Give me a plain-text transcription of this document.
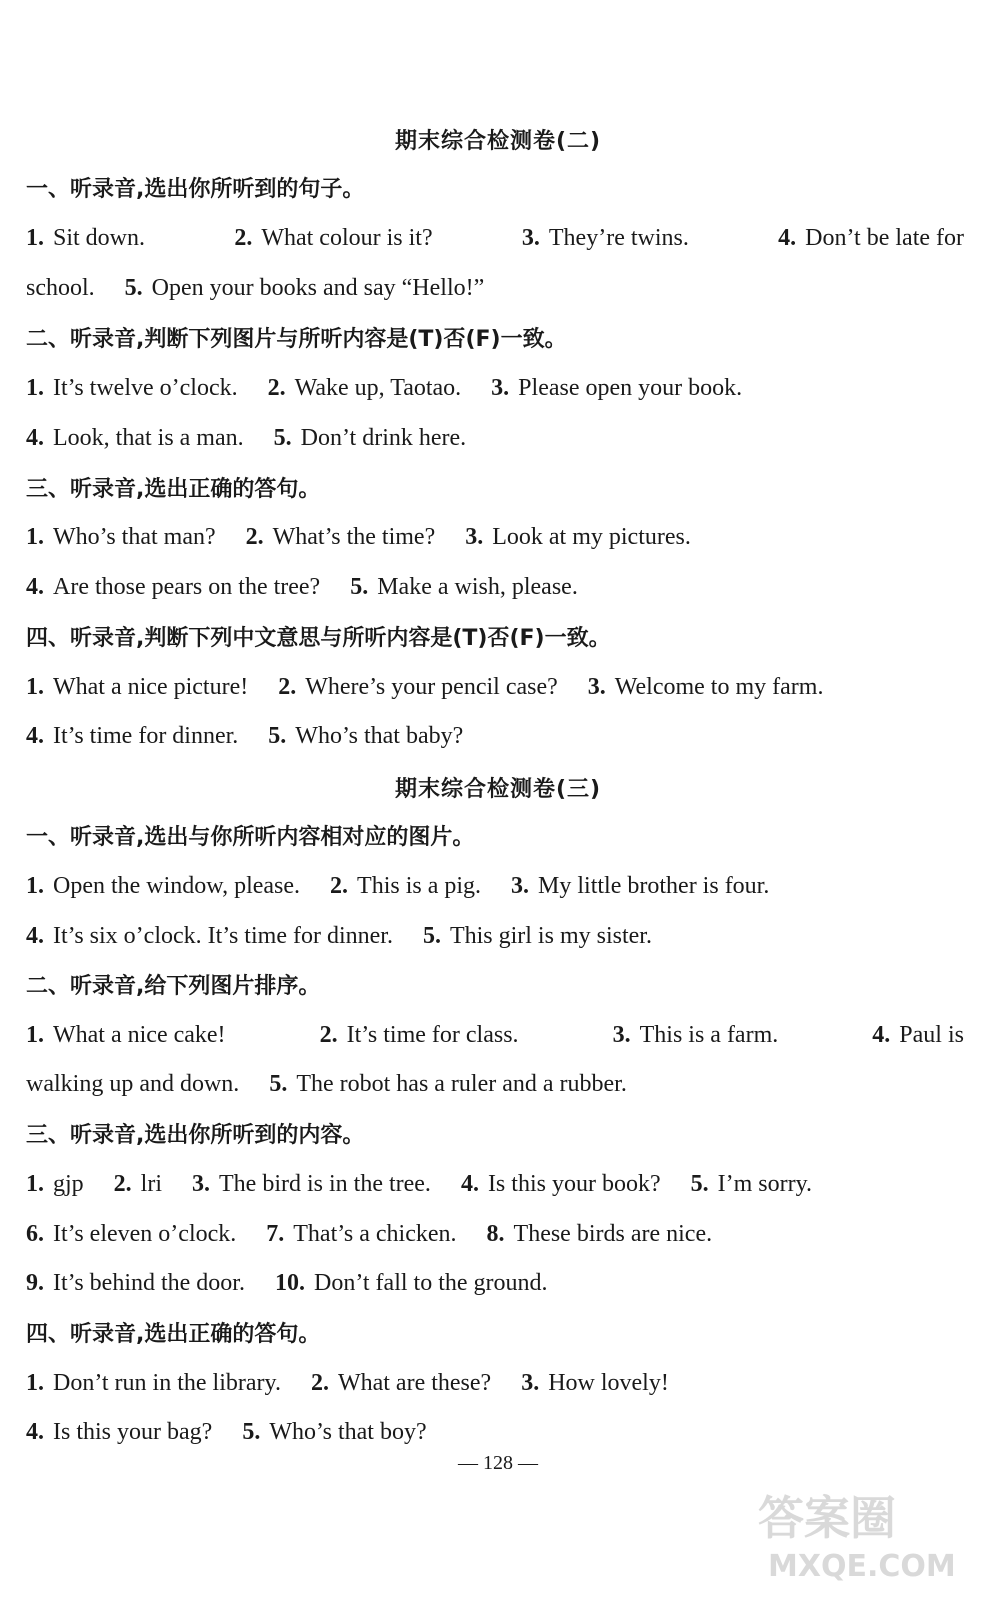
期末综合检测卷(二)
一、听录音,选出你所听到的句子。
1. Sit down.	2. What colour is it?	3. They’re twins.	4. Don’t be late for
school. 5. Open your books and say “Hello!”
二、听录音,判断下列图片与所听内容是(T)否(F)一致。
1. It’s twelve o’clock. 2. Wake up, Taotao. 3. Please open your book.
4. Look, that is a man. 5. Don’t drink here.
三、听录音,选出正确的答句。
1. Who’s that man? 2. What’s the time? 3. Look at my pictures.
4. Are those pears on the tree? 5. Make a wish, please.
四、听录音,判断下列中文意思与所听内容是(T)否(F)一致。
1. What a nice picture! 2. Where’s your pencil case? 3. Welcome to my farm.
4. It’s time for dinner. 5. Who’s that baby?
期末综合检测卷(三)
一、听录音,选出与你所听内容相对应的图片。
1. Open the window, please. 2. This is a pig. 3. My little brother is four.
4. It’s six o’clock. It’s time for dinner. 5. This girl is my sister.
二、听录音,给下列图片排序。
1. What a nice cake!	2. It’s time for class.	3. This is a farm.	4. Paul is
walking up and down. 5. The robot has a ruler and a rubber.
三、听录音,选出你所听到的内容。
1. gjp 2. lri 3. The bird is in the tree. 4. Is this your book? 5. I’m sorry.
6. It’s eleven o’clock. 7. That’s a chicken. 8. These birds are nice.
9. It’s behind the door. 10. Don’t fall to the ground.
四、听录音,选出正确的答句。
1. Don’t run in the library. 2. What are these? 3. How lovely!
4. Is this your bag? 5. Who’s that boy?
— 128 —
答案圈
MXQE.COM
